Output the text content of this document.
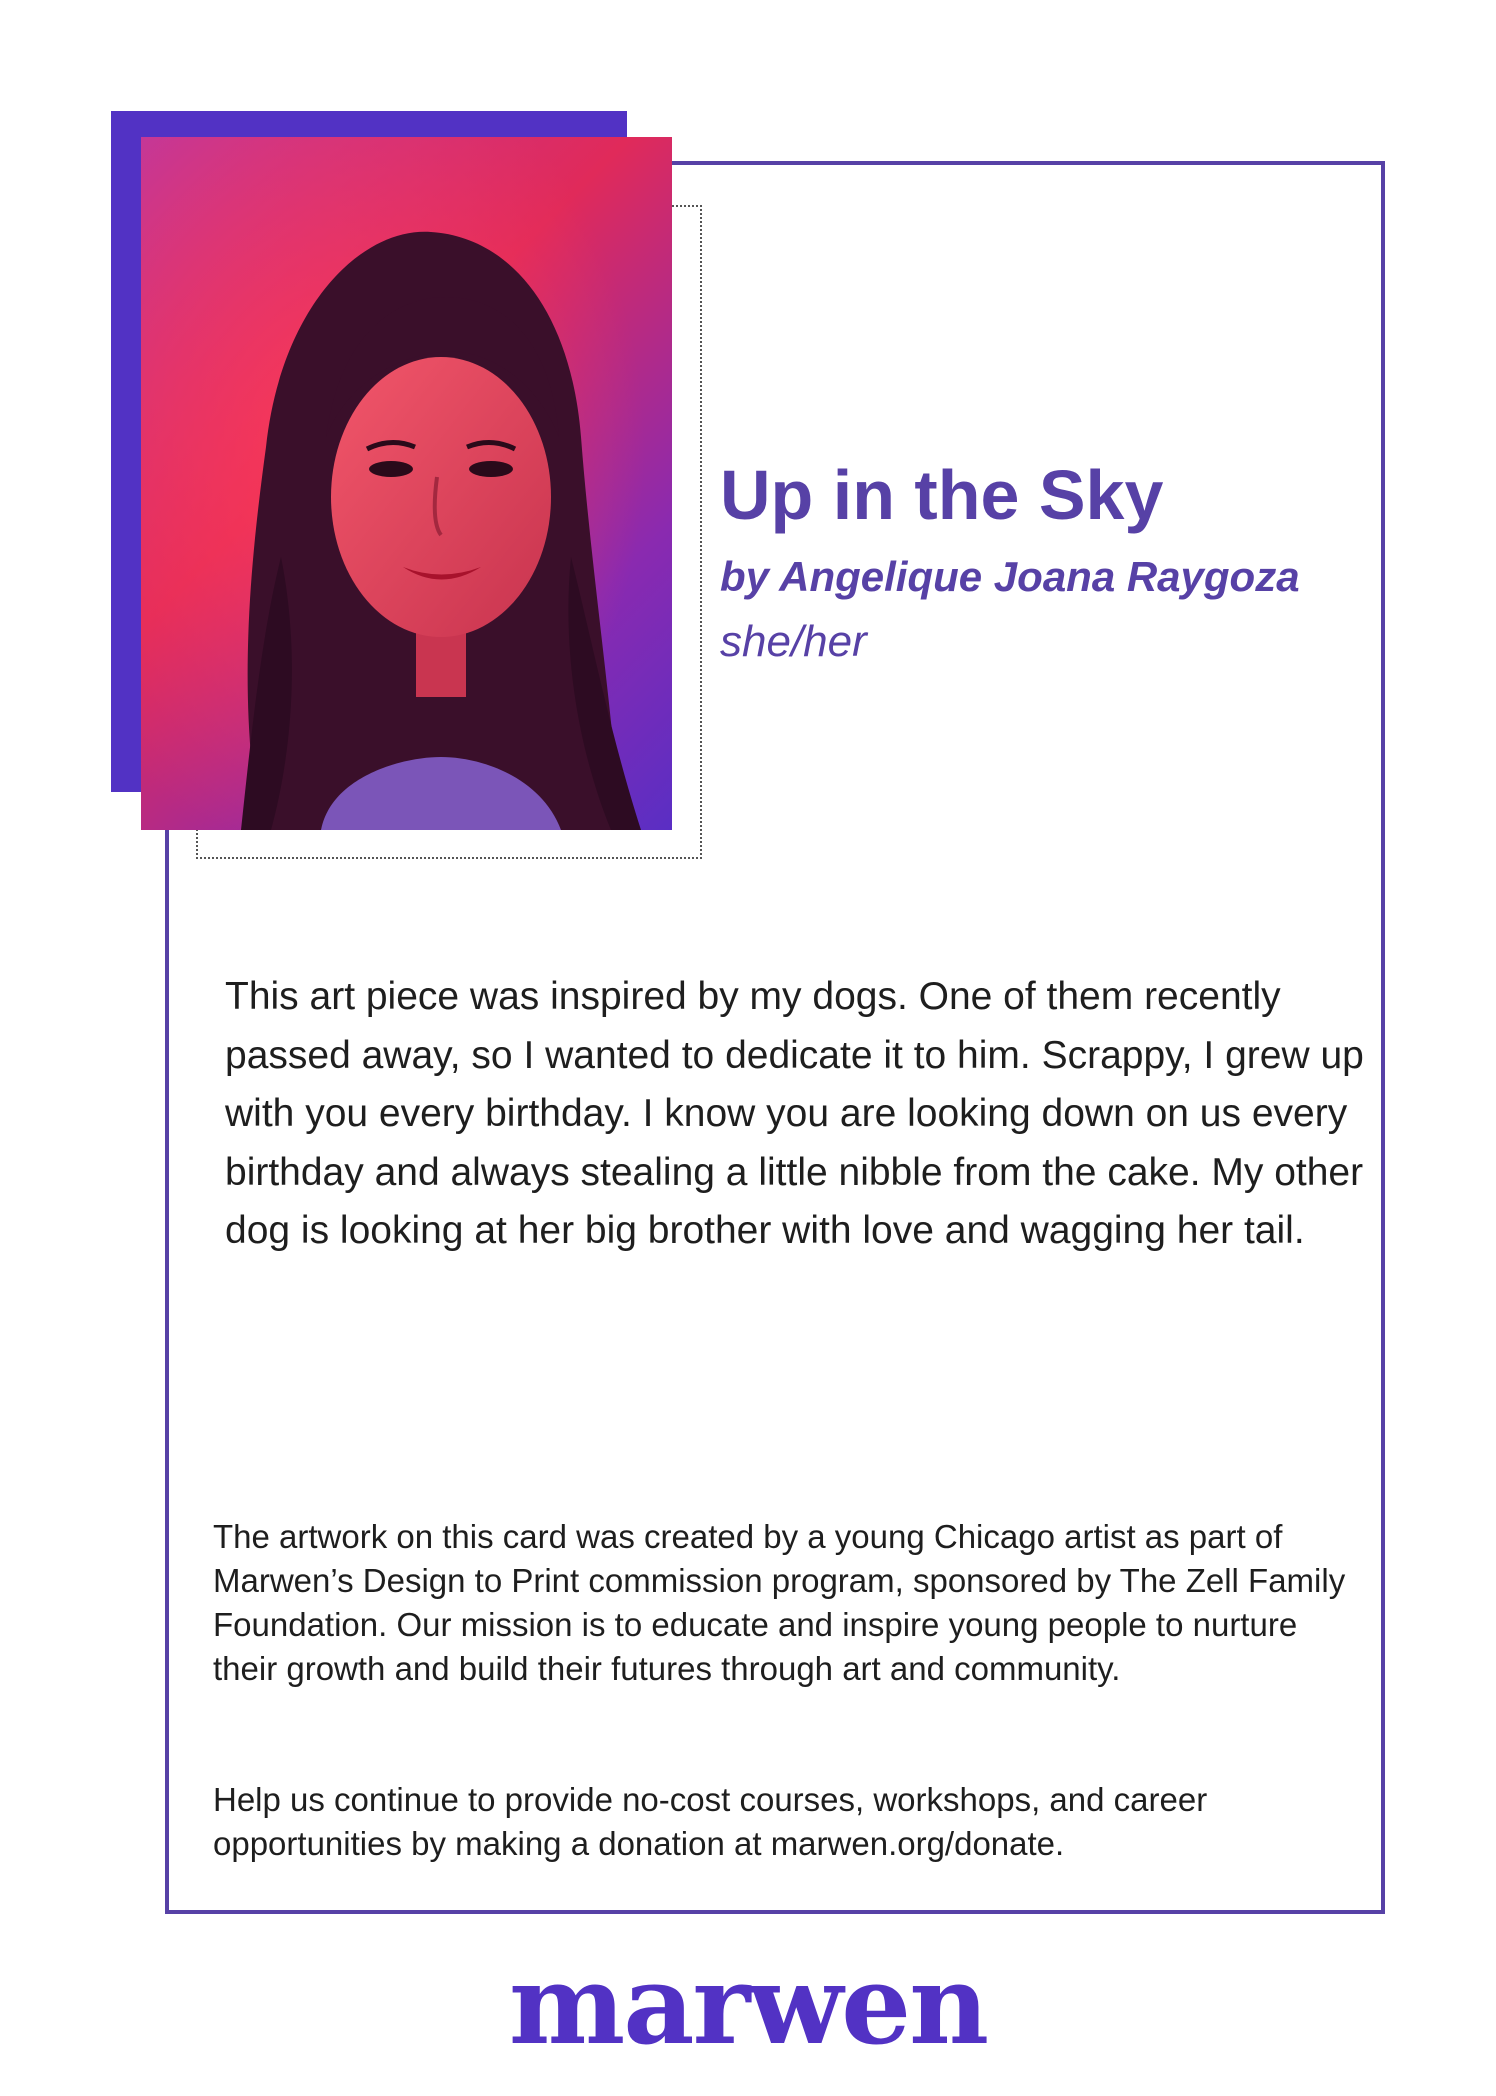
Up in the Sky
by Angelique Joana Raygoza
she/her

This art piece was inspired by my dogs. One of them recently passed away, so I wanted to dedicate it to him. Scrappy, I grew up with you every birthday. I know you are looking down on us every birthday and always stealing a little nibble from the cake. My other dog is looking at her big brother with love and wagging her tail.

The artwork on this card was created by a young Chicago artist as part of Marwen’s Design to Print commission program, sponsored by The Zell Family Foundation. Our mission is to educate and inspire young people to nurture their growth and build their futures through art and community.

Help us continue to provide no-cost courses, workshops, and career opportunities by making a donation at marwen.org/donate.

marwen
